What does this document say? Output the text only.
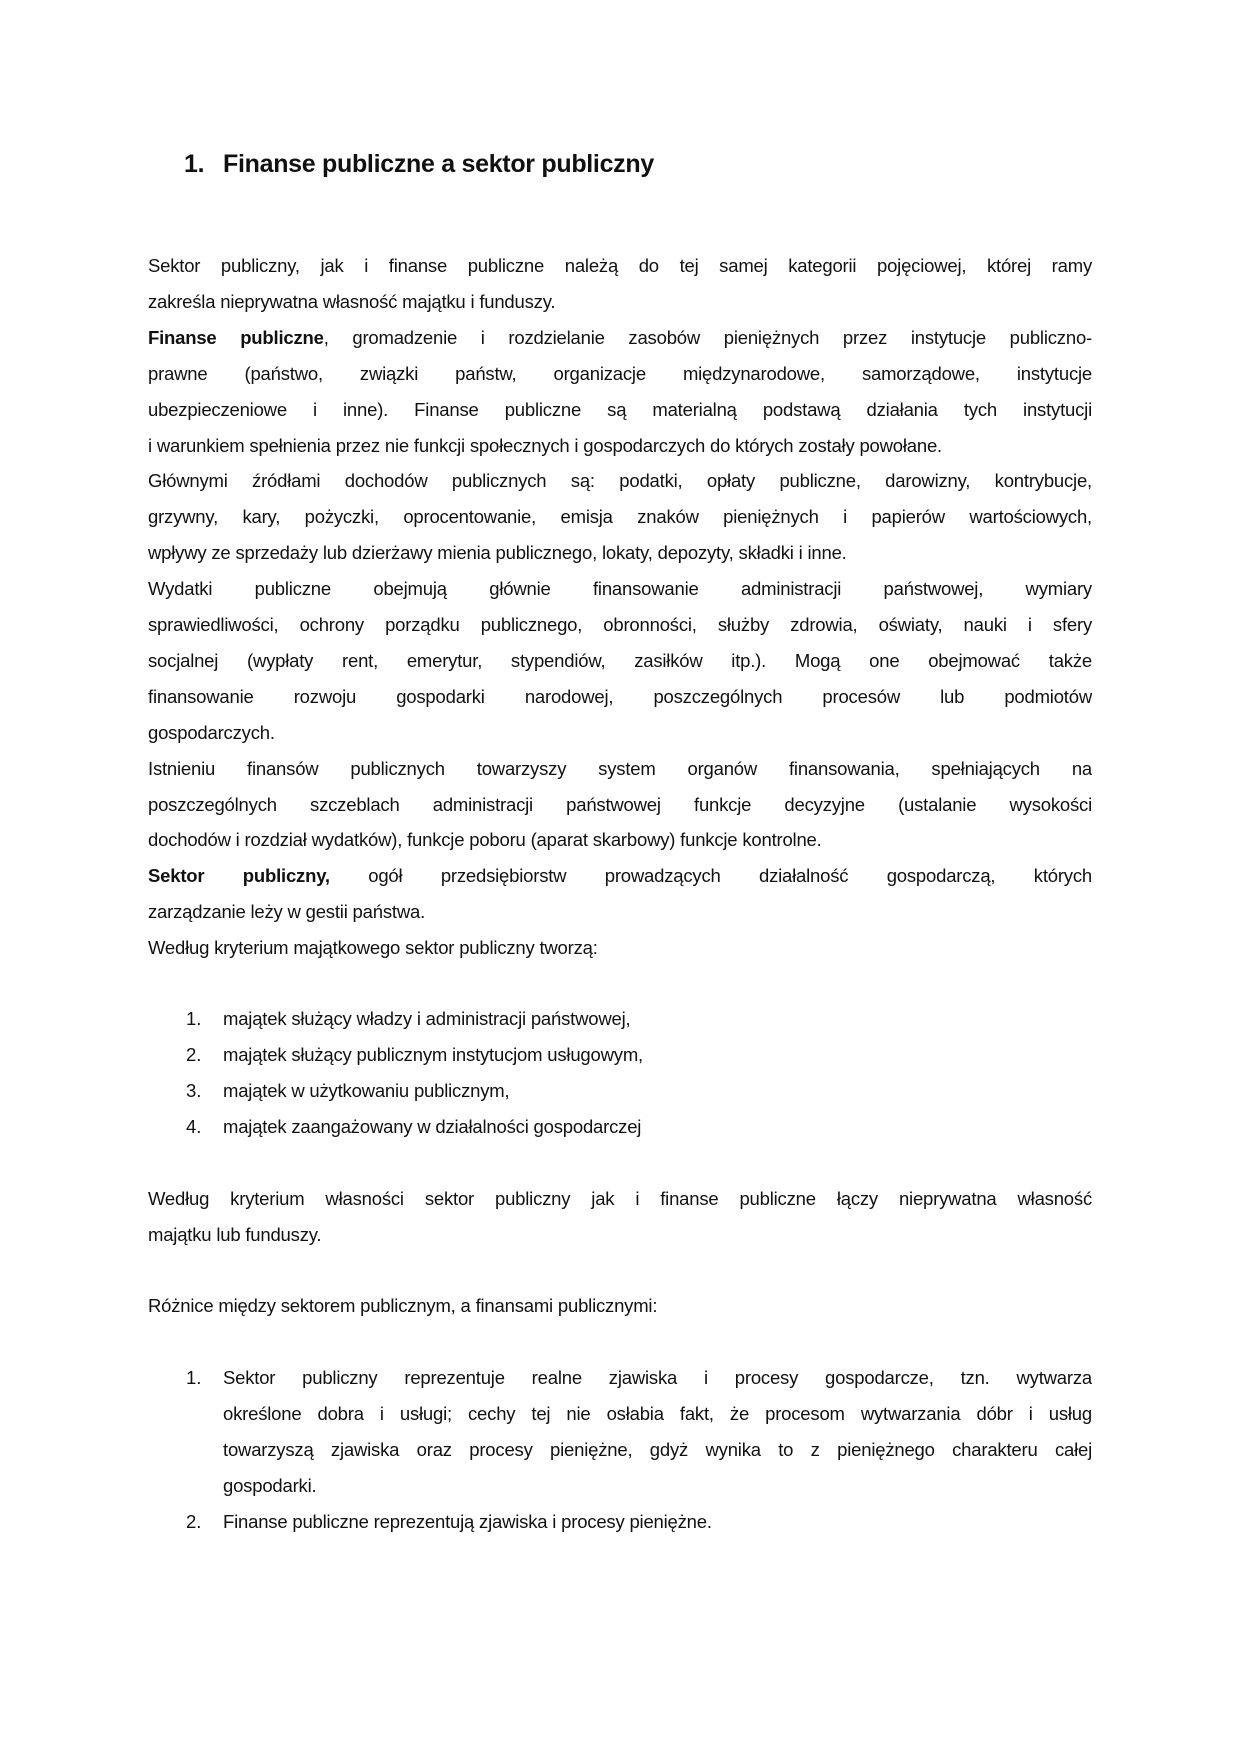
1. Finanse publiczne a sektor publiczny
Sektor publiczny, jak i finanse publiczne należą do tej samej kategorii pojęciowej, której ramy
zakreśla nieprywatna własność majątku i funduszy.
Finanse publiczne, gromadzenie i rozdzielanie zasobów pieniężnych przez instytucje publiczno-
prawne (państwo, związki państw, organizacje międzynarodowe, samorządowe, instytucje
ubezpieczeniowe i inne). Finanse publiczne są materialną podstawą działania tych instytucji
i warunkiem spełnienia przez nie funkcji społecznych i gospodarczych do których zostały powołane.
Głównymi źródłami dochodów publicznych są: podatki, opłaty publiczne, darowizny, kontrybucje,
grzywny, kary, pożyczki, oprocentowanie, emisja znaków pieniężnych i papierów wartościowych,
wpływy ze sprzedaży lub dzierżawy mienia publicznego, lokaty, depozyty, składki i inne.
Wydatki publiczne obejmują głównie finansowanie administracji państwowej, wymiary
sprawiedliwości, ochrony porządku publicznego, obronności, służby zdrowia, oświaty, nauki i sfery
socjalnej (wypłaty rent, emerytur, stypendiów, zasiłków itp.). Mogą one obejmować także
finansowanie rozwoju gospodarki narodowej, poszczególnych procesów lub podmiotów
gospodarczych.
Istnieniu finansów publicznych towarzyszy system organów finansowania, spełniających na
poszczególnych szczeblach administracji państwowej funkcje decyzyjne (ustalanie wysokości
dochodów i rozdział wydatków), funkcje poboru (aparat skarbowy) funkcje kontrolne.
Sektor publiczny, ogół przedsiębiorstw prowadzących działalność gospodarczą, których
zarządzanie leży w gestii państwa.
Według kryterium majątkowego sektor publiczny tworzą:
1. majątek służący władzy i administracji państwowej,
2. majątek służący publicznym instytucjom usługowym,
3. majątek w użytkowaniu publicznym,
4. majątek zaangażowany w działalności gospodarczej
Według kryterium własności sektor publiczny jak i finanse publiczne łączy nieprywatna własność
majątku lub funduszy.
Różnice między sektorem publicznym, a finansami publicznymi:
1. Sektor publiczny reprezentuje realne zjawiska i procesy gospodarcze, tzn. wytwarza
określone dobra i usługi; cechy tej nie osłabia fakt, że procesom wytwarzania dóbr i usług
towarzyszą zjawiska oraz procesy pieniężne, gdyż wynika to z pieniężnego charakteru całej
gospodarki.
2. Finanse publiczne reprezentują zjawiska i procesy pieniężne.
